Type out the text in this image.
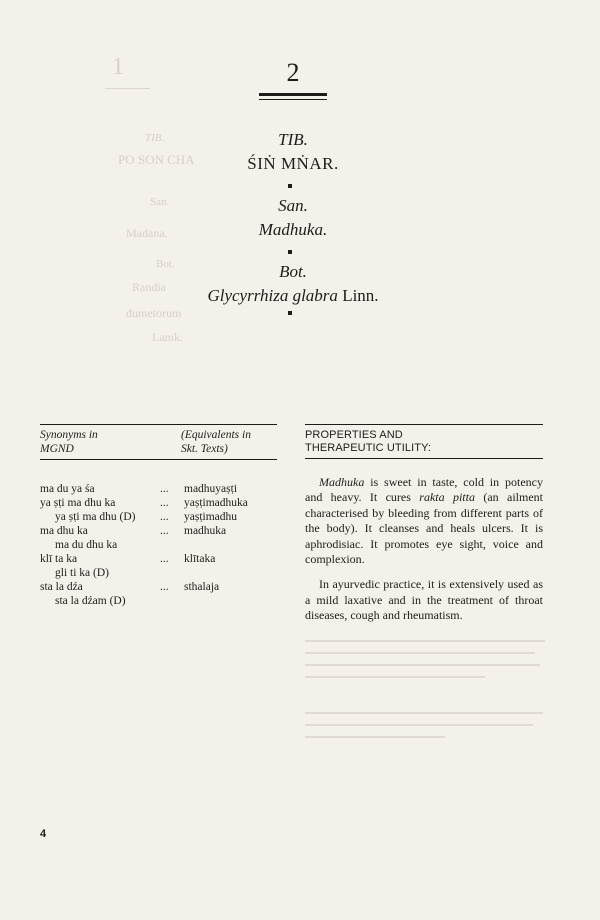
1
TIB.
PO SON CHA
San.
Madana.
Bot.
Randia
dumetorum
Lamk.
2
TIB.
ŚIṄ MṄAR.
San.
Madhuka.
Bot.
Glycyrrhiza glabra Linn.
Synonyms in
MGND
(Equivalents in
Skt. Texts)
ma du ya śa	... madhuyaṣṭi
ya ṣṭi ma dhu ka	... yaṣṭimadhuka
ya ṣṭi ma dhu (D) ... yaṣṭimadhu
ma dhu ka	... madhuka
ma du dhu ka
klī ta ka	... klītaka
gli ti ka (D)
sta la dźa	... sthalaja
sta la dźam (D)
PROPERTIES AND
THERAPEUTIC UTILITY:

Madhuka is sweet in taste, cold in potency and heavy. It cures rakta pitta (an ailment characterised by bleeding from different parts of the body). It cleanses and heals ulcers. It is aphrodisiac. It promotes eye sight, voice and complexion.

In ayurvedic practice, it is extensively used as a mild laxative and in the treatment of throat diseases, cough and rheumatism.

4
